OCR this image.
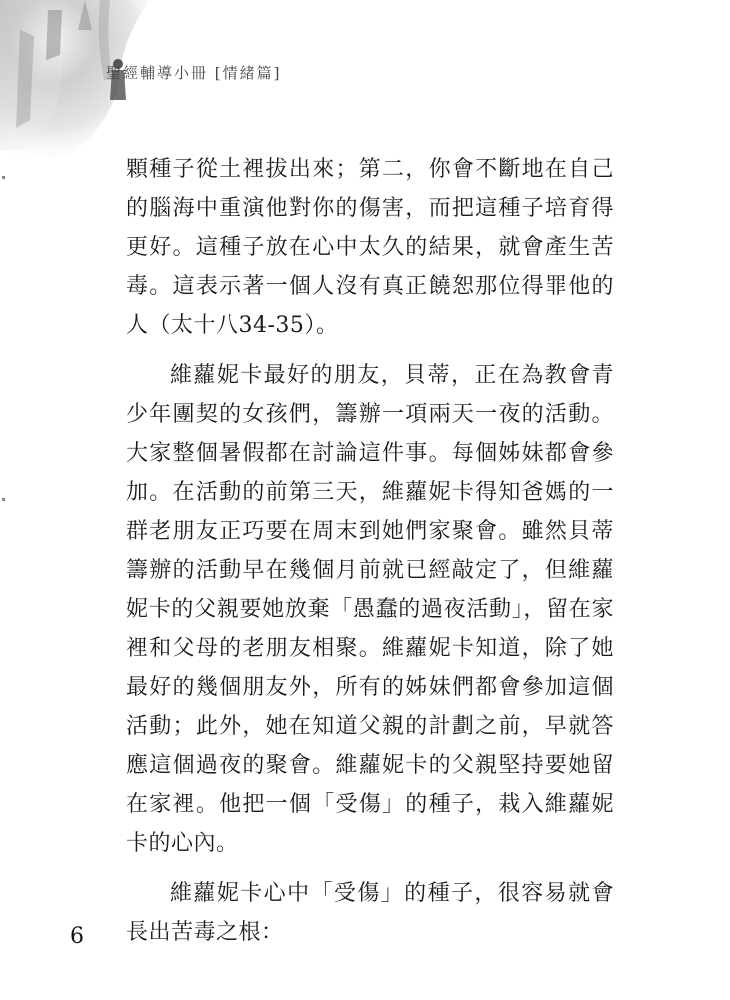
聖經輔導小冊 [情緒篇]

顆種子從土裡拔出來；第二，你會不斷地在自己的腦海中重演他對你的傷害，而把這種子培育得更好。這種子放在心中太久的結果，就會產生苦毒。這表示著一個人沒有真正饒恕那位得罪他的人（太十八34-35）。

維蘿妮卡最好的朋友，貝蒂，正在為教會青少年團契的女孩們，籌辦一項兩天一夜的活動。大家整個暑假都在討論這件事。每個姊妹都會參加。在活動的前第三天，維蘿妮卡得知爸媽的一群老朋友正巧要在周末到她們家聚會。雖然貝蒂籌辦的活動早在幾個月前就已經敲定了，但維蘿妮卡的父親要她放棄「愚蠢的過夜活動」，留在家裡和父母的老朋友相聚。維蘿妮卡知道，除了她最好的幾個朋友外，所有的姊妹們都會參加這個活動；此外，她在知道父親的計劃之前，早就答應這個過夜的聚會。維蘿妮卡的父親堅持要她留在家裡。他把一個「受傷」的種子，栽入維蘿妮卡的心內。

維蘿妮卡心中「受傷」的種子，很容易就會長出苦毒之根：

6
